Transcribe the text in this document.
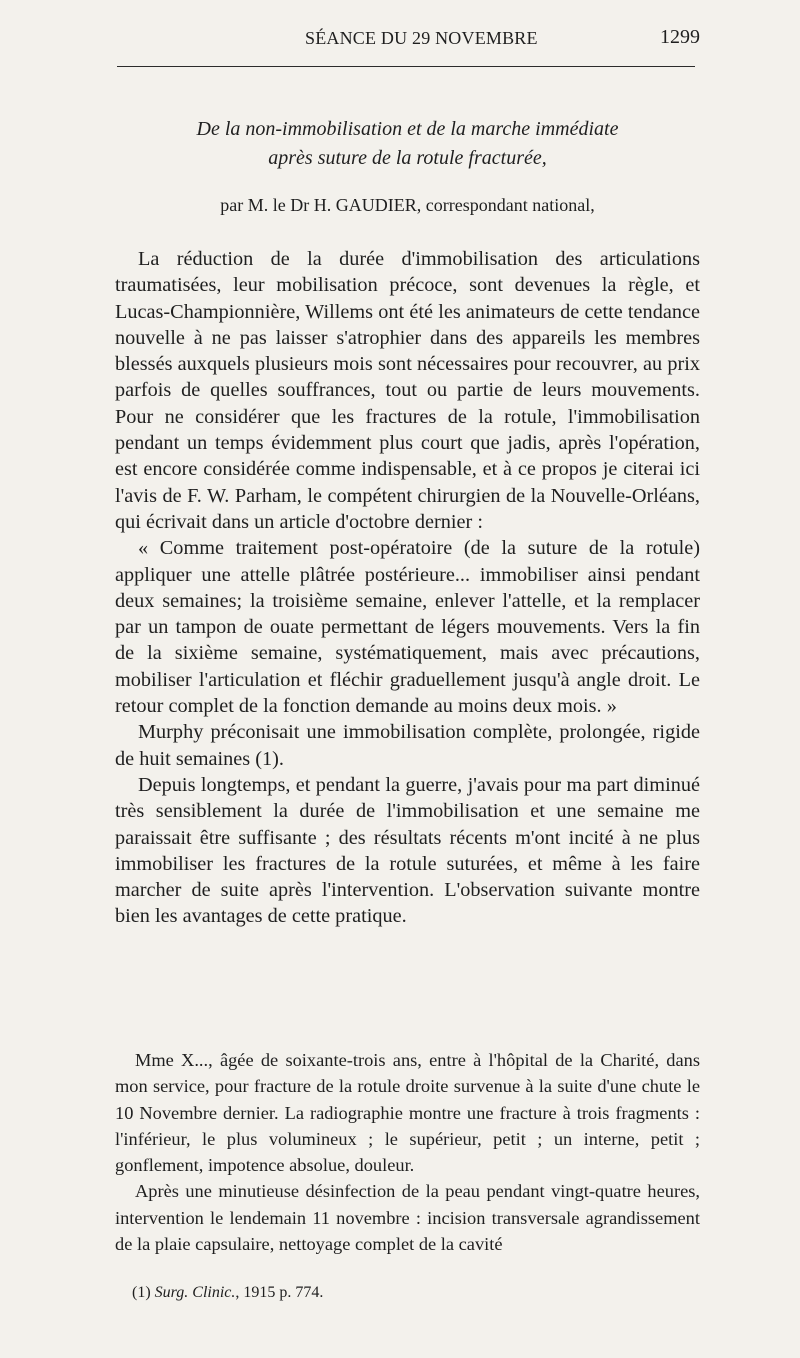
SÉANCE DU 29 NOVEMBRE	1299
De la non-immobilisation et de la marche immédiate
après suture de la rotule fracturée,
par M. le Dr H. GAUDIER, correspondant national,

La réduction de la durée d'immobilisation des articulations traumatisées, leur mobilisation précoce, sont devenues la règle, et Lucas-Championnière, Willems ont été les animateurs de cette tendance nouvelle à ne pas laisser s'atrophier dans des appareils les membres blessés auxquels plusieurs mois sont nécessaires pour recouvrer, au prix parfois de quelles souffrances, tout ou partie de leurs mouvements. Pour ne considérer que les fractures de la rotule, l'immobilisation pendant un temps évidemment plus court que jadis, après l'opération, est encore considérée comme indispensable, et à ce propos je citerai ici l'avis de F. W. Parham, le compétent chirurgien de la Nouvelle-Orléans, qui écrivait dans un article d'octobre dernier :

« Comme traitement post-opératoire (de la suture de la rotule) appliquer une attelle plâtrée postérieure... immobiliser ainsi pendant deux semaines; la troisième semaine, enlever l'attelle, et la remplacer par un tampon de ouate permettant de légers mouvements. Vers la fin de la sixième semaine, systématiquement, mais avec précautions, mobiliser l'articulation et fléchir graduellement jusqu'à angle droit. Le retour complet de la fonction demande au moins deux mois. »

Murphy préconisait une immobilisation complète, prolongée, rigide de huit semaines (1).

Depuis longtemps, et pendant la guerre, j'avais pour ma part diminué très sensiblement la durée de l'immobilisation et une semaine me paraissait être suffisante ; des résultats récents m'ont incité à ne plus immobiliser les fractures de la rotule suturées, et même à les faire marcher de suite après l'intervention. L'observation suivante montre bien les avantages de cette pratique.

Mme X..., âgée de soixante-trois ans, entre à l'hôpital de la Charité, dans mon service, pour fracture de la rotule droite survenue à la suite d'une chute le 10 Novembre dernier. La radiographie montre une fracture à trois fragments : l'inférieur, le plus volumineux ; le supérieur, petit ; un interne, petit ; gonflement, impotence absolue, douleur.

Après une minutieuse désinfection de la peau pendant vingt-quatre heures, intervention le lendemain 11 novembre : incision transversale agrandissement de la plaie capsulaire, nettoyage complet de la cavité

(1) Surg. Clinic., 1915 p. 774.
